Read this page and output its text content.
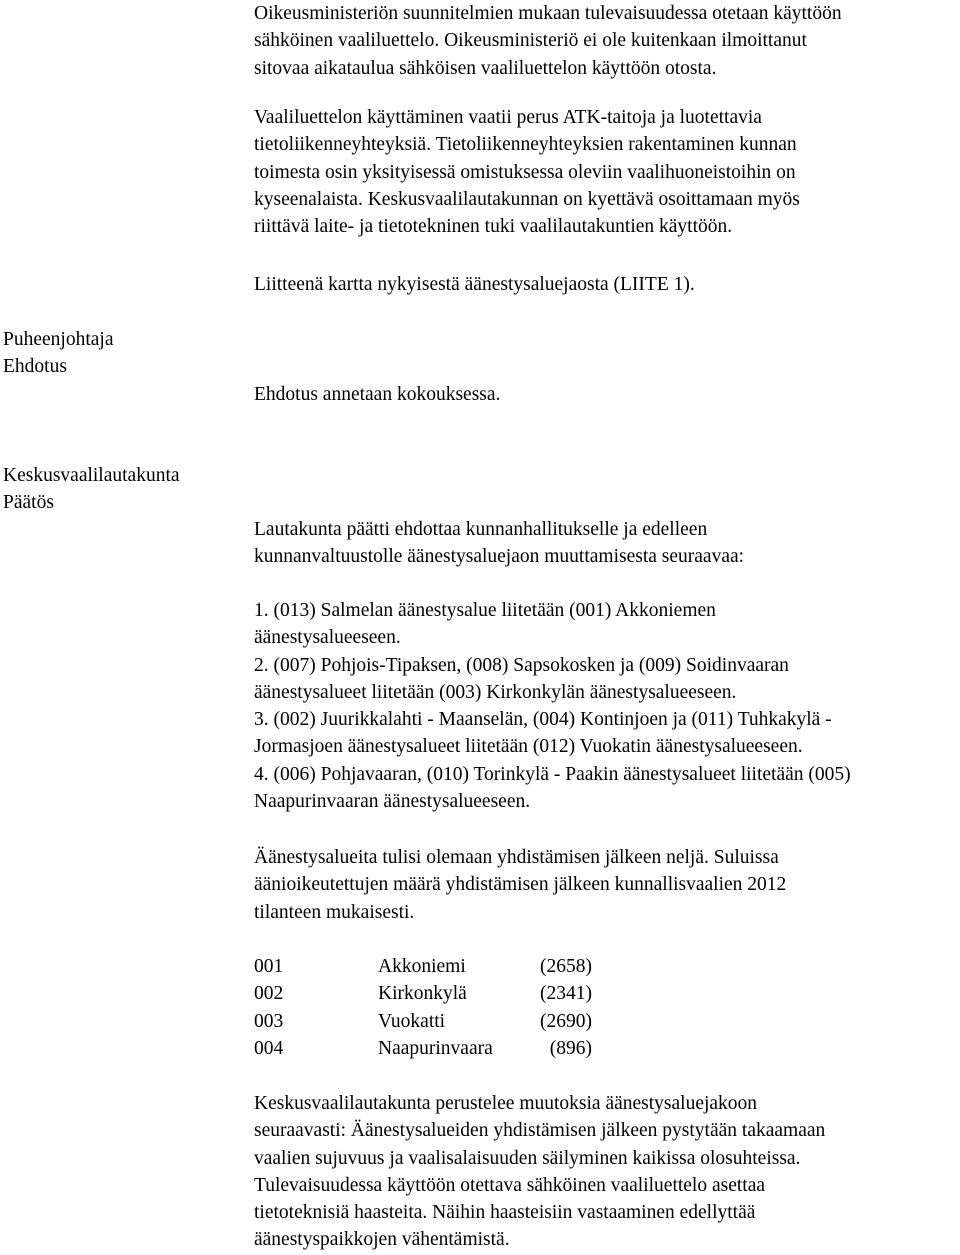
Oikeusministeriön suunnitelmien mukaan tulevaisuudessa otetaan käyttöön
sähköinen vaaliluettelo. Oikeusministeriö ei ole kuitenkaan ilmoittanut
sitovaa aikataulua sähköisen vaaliluettelon käyttöön otosta.
Vaaliluettelon käyttäminen vaatii perus ATK-taitoja ja luotettavia
tietoliikenneyhteyksiä. Tietoliikenneyhteyksien rakentaminen kunnan
toimesta osin yksityisessä omistuksessa oleviin vaalihuoneistoihin on
kyseenalaista. Keskusvaalilautakunnan on kyettävä osoittamaan myös
riittävä laite- ja tietotekninen tuki vaalilautakuntien käyttöön.
Liitteenä kartta nykyisestä äänestysaluejaosta (LIITE 1).
Puheenjohtaja
Ehdotus
Ehdotus annetaan kokouksessa.
Keskusvaalilautakunta
Päätös
Lautakunta päätti ehdottaa kunnanhallitukselle ja edelleen
kunnanvaltuustolle äänestysaluejaon muuttamisesta seuraavaa:
1. (013) Salmelan äänestysalue liitetään (001) Akkoniemen
äänestysalueeseen.
2. (007) Pohjois-Tipaksen, (008) Sapsokosken ja (009) Soidinvaaran
äänestysalueet liitetään (003) Kirkonkylän äänestysalueeseen.
3. (002) Juurikkalahti - Maanselän, (004) Kontinjoen ja (011) Tuhkakylä -
Jormasjoen äänestysalueet liitetään (012) Vuokatin äänestysalueeseen.
4. (006) Pohjavaaran, (010) Torinkylä - Paakin äänestysalueet liitetään (005)
Naapurinvaaran äänestysalueeseen.
Äänestysalueita tulisi olemaan yhdistämisen jälkeen neljä. Suluissa
äänioikeutettujen määrä yhdistämisen jälkeen kunnallisvaalien 2012
tilanteen mukaisesti.
001	Akkoniemi	(2658)
002	Kirkonkylä	(2341)
003	Vuokatti	(2690)
004	Naapurinvaara	(896)
Keskusvaalilautakunta perustelee muutoksia äänestysaluejakoon
seuraavasti: Äänestysalueiden yhdistämisen jälkeen pystytään takaamaan
vaalien sujuvuus ja vaalisalaisuuden säilyminen kaikissa olosuhteissa.
Tulevaisuudessa käyttöön otettava sähköinen vaaliluettelo asettaa
tietoteknisiä haasteita. Näihin haasteisiin vastaaminen edellyttää
äänestyspaikkojen vähentämistä.
